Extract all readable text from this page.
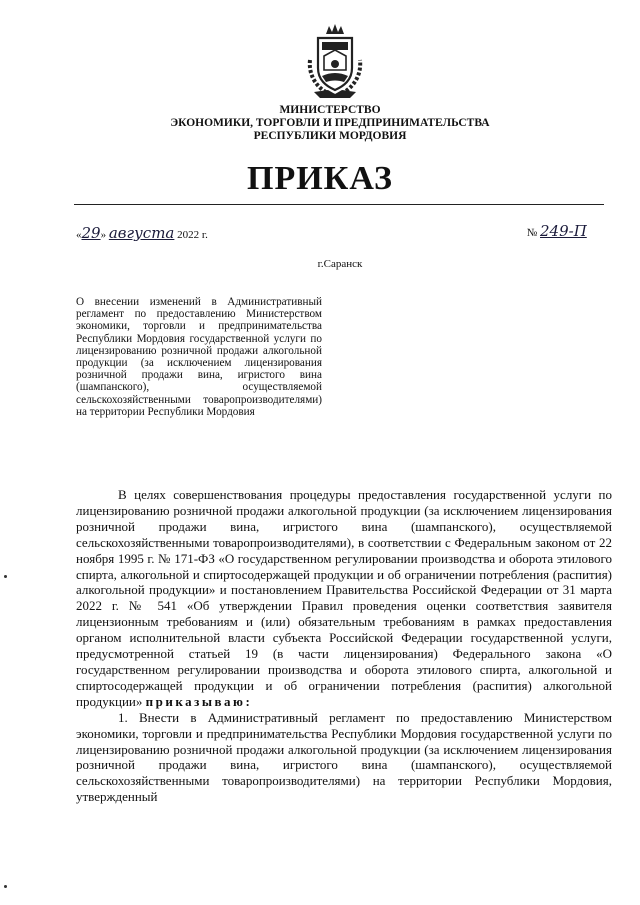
МИНИСТЕРСТВО
ЭКОНОМИКИ, ТОРГОВЛИ И ПРЕДПРИНИМАТЕЛЬСТВА
РЕСПУБЛИКИ МОРДОВИЯ
ПРИКАЗ
«29» августа 2022 г.	№ 249-П
г.Саранск
О внесении изменений в Административный регламент по предоставлению Министерством экономики, торговли и предпринимательства Республики Мордовия государственной услуги по лицензированию розничной продажи алкогольной продукции (за исключением лицензирования розничной продажи вина, игристого вина (шампанского), осуществляемой сельскохозяйственными товаропроизводителями) на территории Республики Мордовия

В целях совершенствования процедуры предоставления государственной услуги по лицензированию розничной продажи алкогольной продукции (за исключением лицензирования розничной продажи вина, игристого вина (шампанского), осуществляемой сельскохозяйственными товаропроизводителями), в соответствии с Федеральным законом от 22 ноября 1995 г. № 171-ФЗ «О государственном регулировании производства и оборота этилового спирта, алкогольной и спиртосодержащей продукции и об ограничении потребления (распития) алкогольной продукции» и постановлением Правительства Российской Федерации от 31 марта 2022 г. № 541 «Об утверждении Правил проведения оценки соответствия заявителя лицензионным требованиям и (или) обязательным требованиям в рамках предоставления органом исполнительной власти субъекта Российской Федерации государственной услуги, предусмотренной статьей 19 (в части лицензирования) Федерального закона «О государственном регулировании производства и оборота этилового спирта, алкогольной и спиртосодержащей продукции и об ограничении потребления (распития) алкогольной продукции» приказываю:

1. Внести в Административный регламент по предоставлению Министерством экономики, торговли и предпринимательства Республики Мордовия государственной услуги по лицензированию розничной продажи алкогольной продукции (за исключением лицензирования розничной продажи вина, игристого вина (шампанского), осуществляемой сельскохозяйственными товаропроизводителями) на территории Республики Мордовия, утвержденный
